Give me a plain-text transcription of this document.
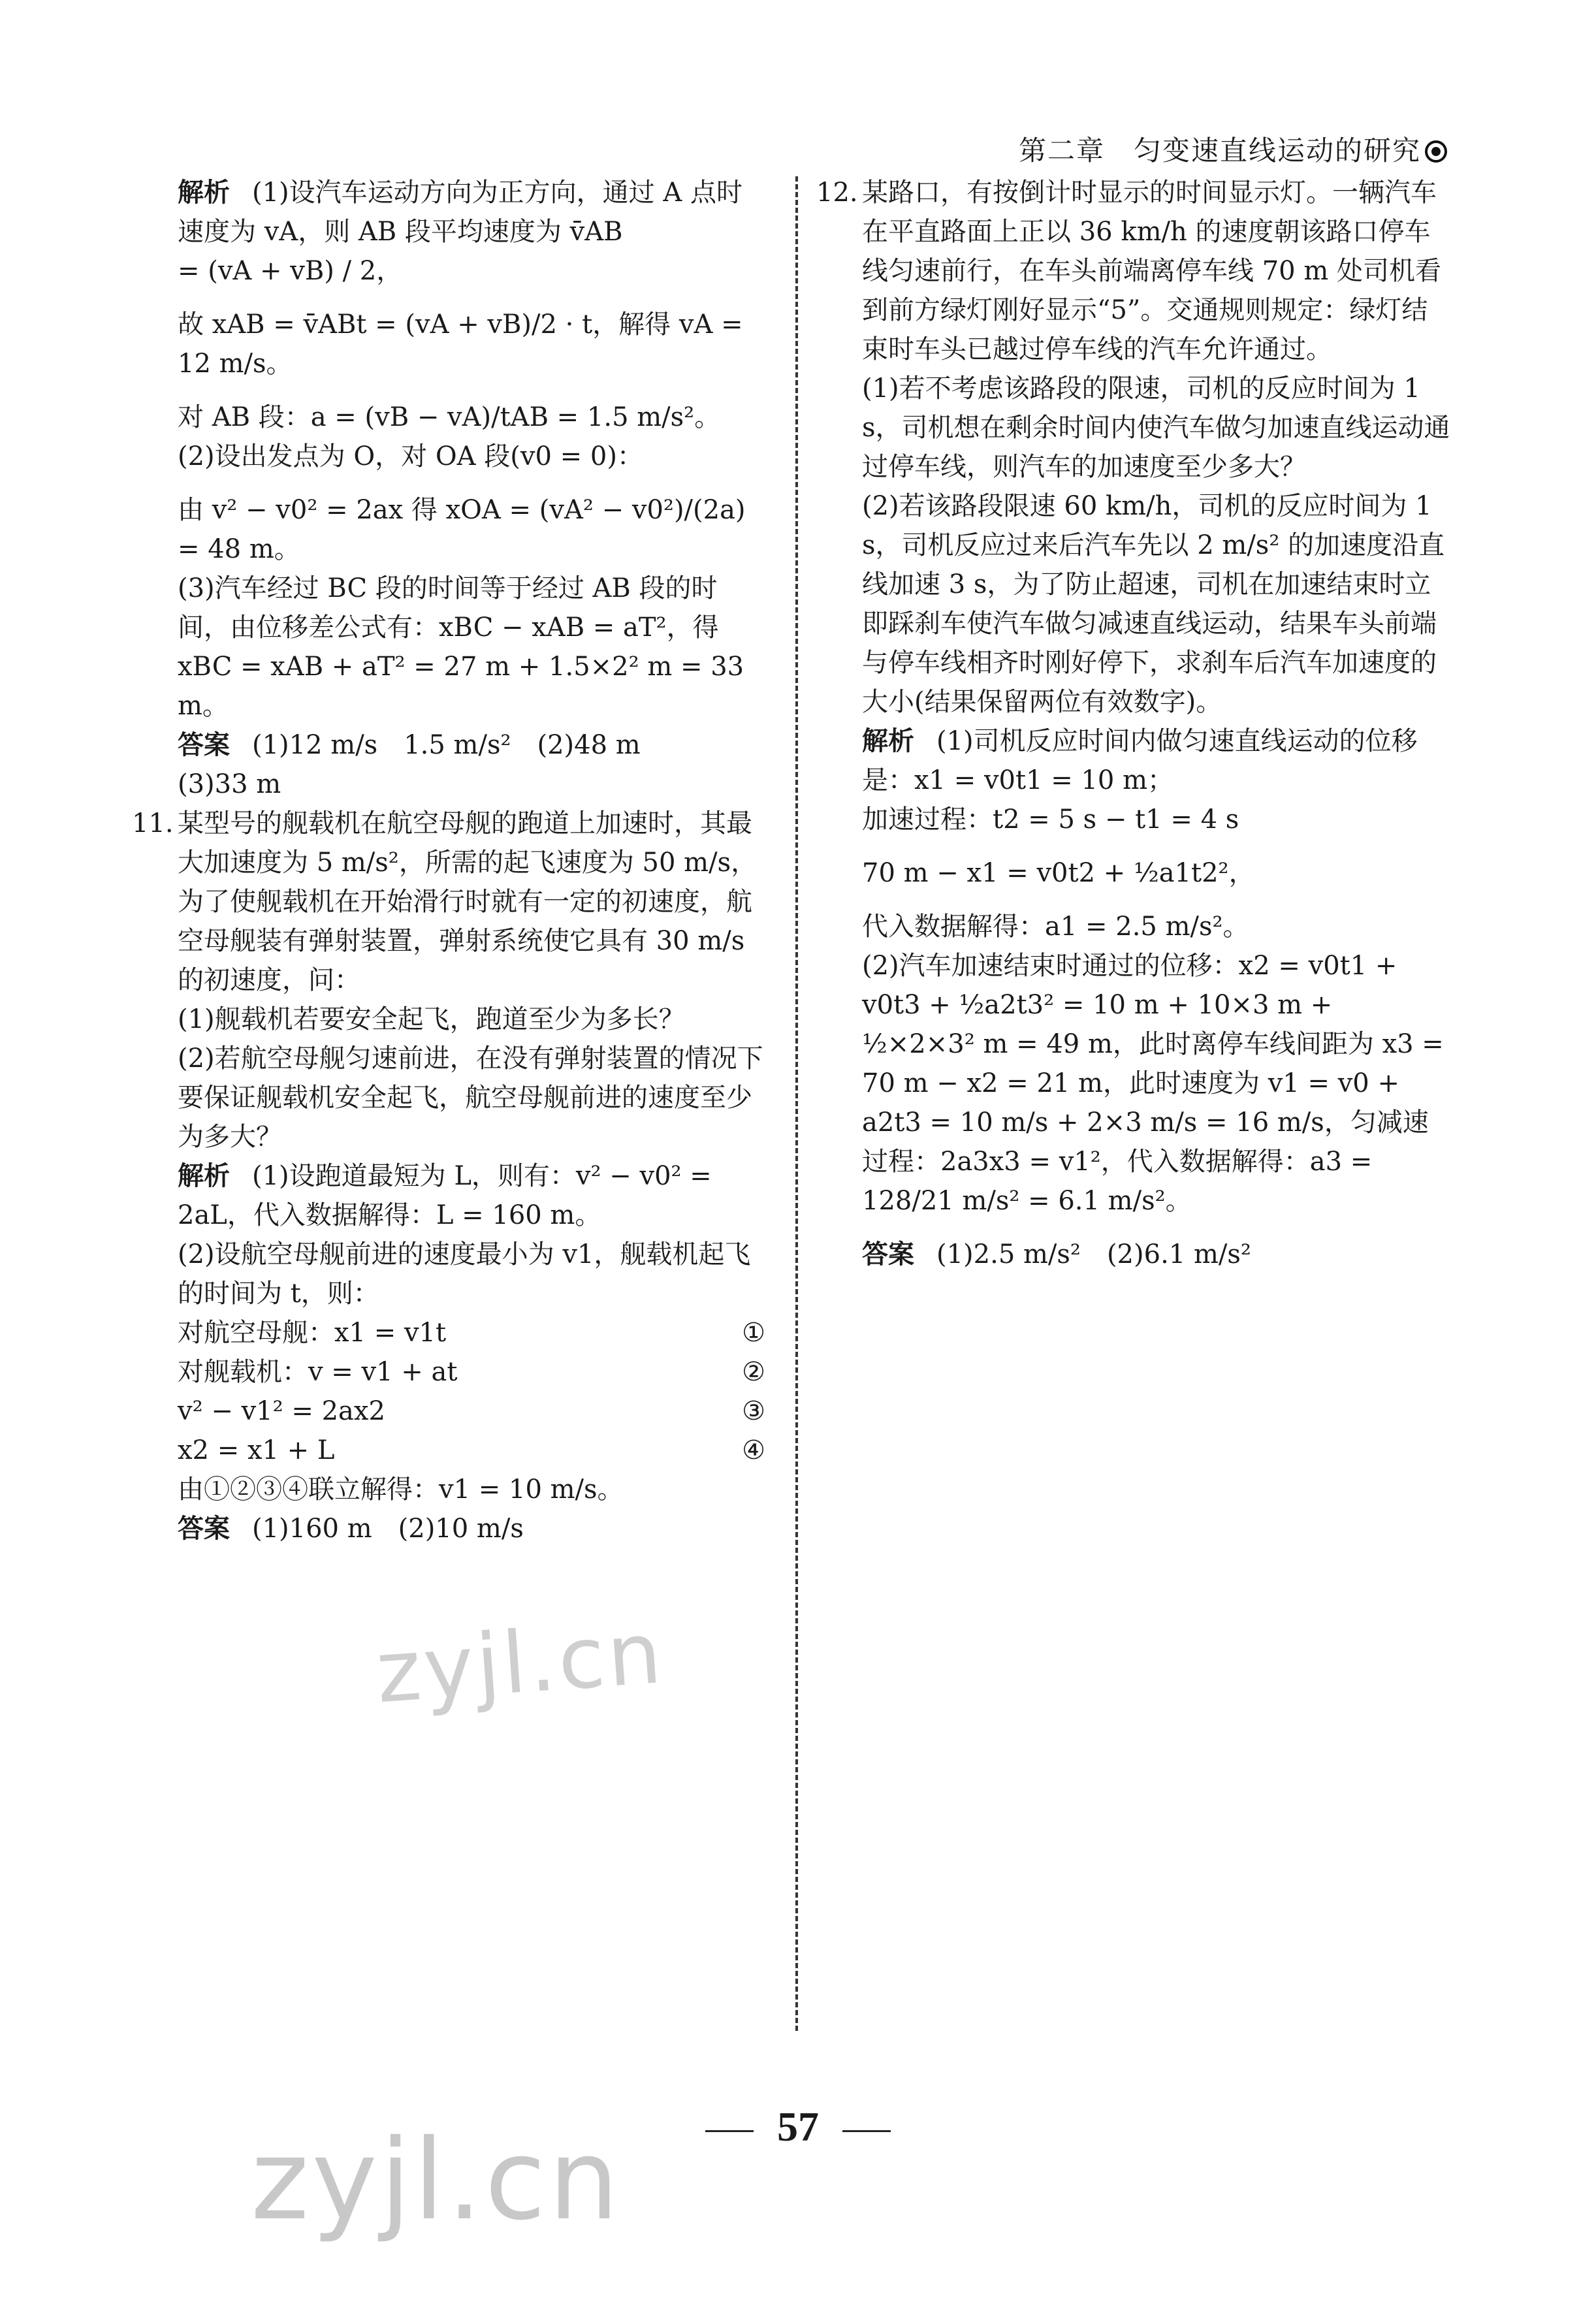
第二章　匀变速直线运动的研究

解析 (1)设汽车运动方向为正方向，通过 A 点时速度为 vA，则 AB 段平均速度为 v̄AB

= (vA + vB) / 2，

故 xAB = v̄ABt = (vA + vB)/2 · t，解得 vA = 12 m/s。

对 AB 段：a = (vB − vA)/tAB = 1.5 m/s²。

(2)设出发点为 O，对 OA 段(v0 = 0)：

由 v² − v0² = 2ax 得 xOA = (vA² − v0²)/(2a) = 48 m。

(3)汽车经过 BC 段的时间等于经过 AB 段的时间，由位移差公式有：xBC − xAB = aT²，得 xBC = xAB + aT² = 27 m + 1.5×2² m = 33 m。

答案 (1)12 m/s　1.5 m/s²　(2)48 m

(3)33 m

11. 某型号的舰载机在航空母舰的跑道上加速时，其最大加速度为 5 m/s²，所需的起飞速度为 50 m/s，为了使舰载机在开始滑行时就有一定的初速度，航空母舰装有弹射装置，弹射系统使它具有 30 m/s 的初速度，问：

(1)舰载机若要安全起飞，跑道至少为多长？

(2)若航空母舰匀速前进，在没有弹射装置的情况下要保证舰载机安全起飞，航空母舰前进的速度至少为多大？

解析 (1)设跑道最短为 L，则有：v² − v0² = 2aL，代入数据解得：L = 160 m。

(2)设航空母舰前进的速度最小为 v1，舰载机起飞的时间为 t，则：

对航空母舰：x1 = v1t	①
对舰载机：v = v1 + at	②
v² − v1² = 2ax2	③
x2 = x1 + L	④

由①②③④联立解得：v1 = 10 m/s。

答案 (1)160 m　(2)10 m/s

12. 某路口，有按倒计时显示的时间显示灯。一辆汽车在平直路面上正以 36 km/h 的速度朝该路口停车线匀速前行，在车头前端离停车线 70 m 处司机看到前方绿灯刚好显示“5”。交通规则规定：绿灯结束时车头已越过停车线的汽车允许通过。

(1)若不考虑该路段的限速，司机的反应时间为 1 s，司机想在剩余时间内使汽车做匀加速直线运动通过停车线，则汽车的加速度至少多大？

(2)若该路段限速 60 km/h，司机的反应时间为 1 s，司机反应过来后汽车先以 2 m/s² 的加速度沿直线加速 3 s，为了防止超速，司机在加速结束时立即踩刹车使汽车做匀减速直线运动，结果车头前端与停车线相齐时刚好停下，求刹车后汽车加速度的大小(结果保留两位有效数字)。

解析 (1)司机反应时间内做匀速直线运动的位移是：x1 = v0t1 = 10 m；

加速过程：t2 = 5 s − t1 = 4 s

70 m − x1 = v0t2 + ½a1t2²，

代入数据解得：a1 = 2.5 m/s²。

(2)汽车加速结束时通过的位移：x2 = v0t1 + v0t3 + ½a2t3² = 10 m + 10×3 m + ½×2×3² m = 49 m，此时离停车线间距为 x3 = 70 m − x2 = 21 m，此时速度为 v1 = v0 + a2t3 = 10 m/s + 2×3 m/s = 16 m/s，匀减速过程：2a3x3 = v1²，代入数据解得：a3 = 128/21 m/s² = 6.1 m/s²。

答案 (1)2.5 m/s²　(2)6.1 m/s²

zyjl.cn
57
zyjl.cn
